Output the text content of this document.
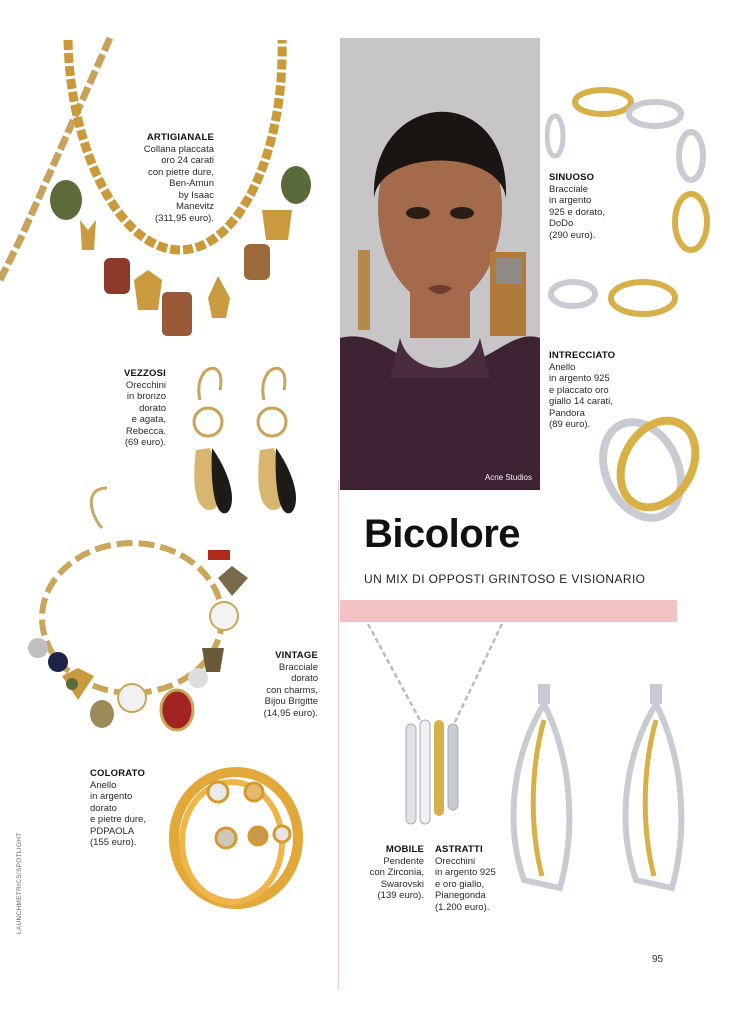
ARTIGIANALE
Collana placcata
oro 24 carati
con pietre dure,
Ben-Amun
by Isaac Manevitz
(311,95 euro).
VEZZOSI
Orecchini
in bronzo
dorato
e agata,
Rebecca.
(69 euro).
VINTAGE
Bracciale
dorato
con charms,
Bijou Brigitte
(14,95 euro).
COLORATO
Anello
in argento
dorato
e pietre dure,
PDPAOLA
(155 euro).
LAUNCHMETRICS/SPOTLIGHT
Acne Studios
SINUOSO
Bracciale
in argento
925 e dorato,
DoDo
(290 euro).
INTRECCIATO
Anello
in argento 925
e placcato oro
giallo 14 carati,
Pandora
(89 euro).
Bicolore
UN MIX DI OPPOSTI GRINTOSO E VISIONARIO
MOBILE
Pendente
con Zirconia,
Swarovski
(139 euro).
ASTRATTI
Orecchini
in argento 925
e oro giallo,
Pianegonda
(1.200 euro).
95
